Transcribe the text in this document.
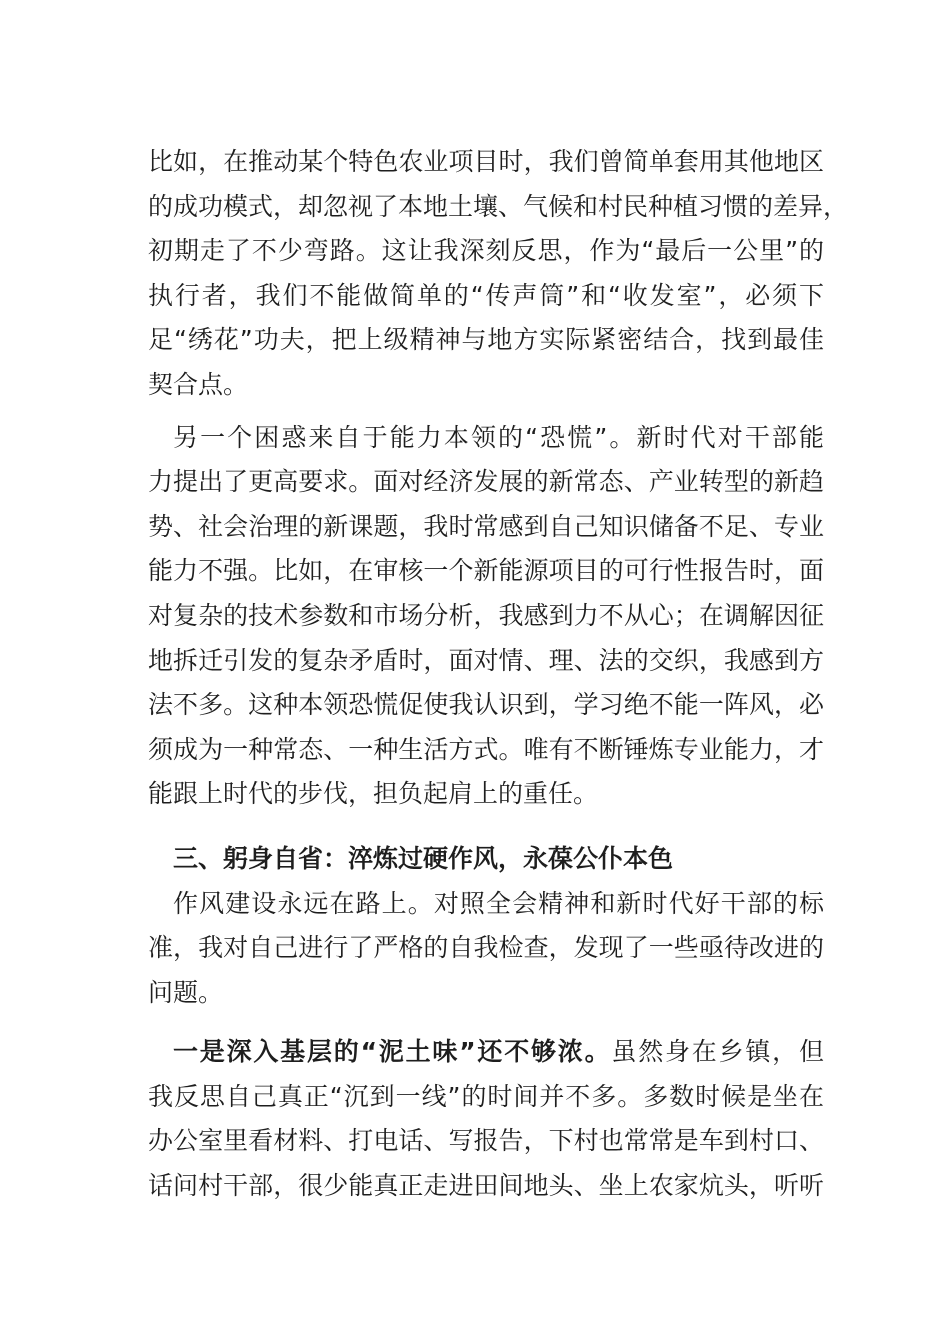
比如，在推动某个特色农业项目时，我们曾简单套用其他地区
的成功模式，却忽视了本地土壤、气候和村民种植习惯的差异，
初期走了不少弯路。这让我深刻反思，作为“最后一公里”的
执行者，我们不能做简单的“传声筒”和“收发室”，必须下
足“绣花”功夫，把上级精神与地方实际紧密结合，找到最佳
契合点。
另一个困惑来自于能力本领的“恐慌”。新时代对干部能
力提出了更高要求。面对经济发展的新常态、产业转型的新趋
势、社会治理的新课题，我时常感到自己知识储备不足、专业
能力不强。比如，在审核一个新能源项目的可行性报告时，面
对复杂的技术参数和市场分析，我感到力不从心；在调解因征
地拆迁引发的复杂矛盾时，面对情、理、法的交织，我感到方
法不多。这种本领恐慌促使我认识到，学习绝不能一阵风，必
须成为一种常态、一种生活方式。唯有不断锤炼专业能力，才
能跟上时代的步伐，担负起肩上的重任。
三、躬身自省：淬炼过硬作风，永葆公仆本色
作风建设永远在路上。对照全会精神和新时代好干部的标
准，我对自己进行了严格的自我检查，发现了一些亟待改进的
问题。
一是深入基层的“泥土味”还不够浓。虽然身在乡镇，但
我反思自己真正“沉到一线”的时间并不多。多数时候是坐在
办公室里看材料、打电话、写报告，下村也常常是车到村口、
话问村干部，很少能真正走进田间地头、坐上农家炕头，听听
